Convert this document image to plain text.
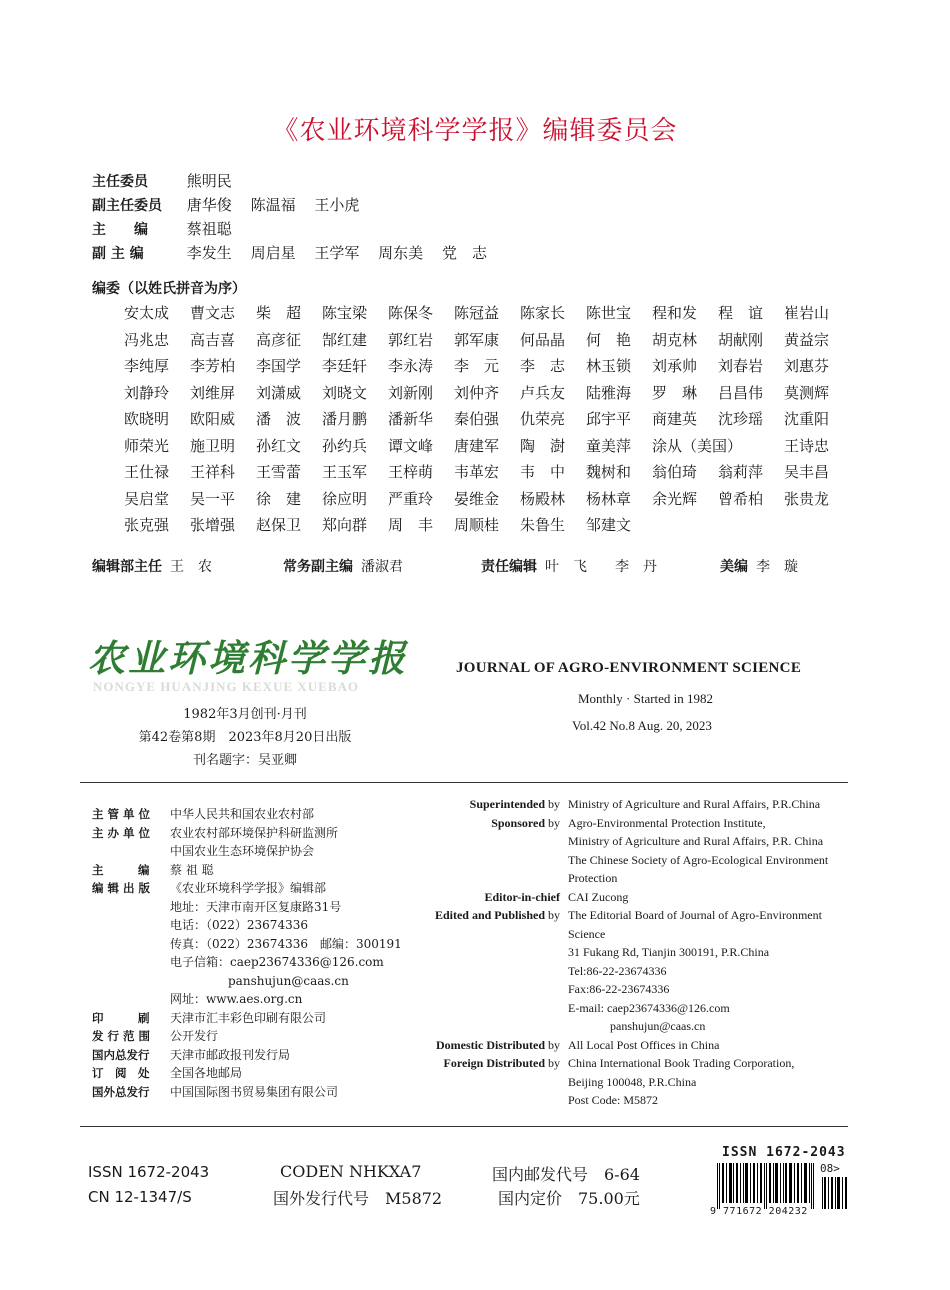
《农业环境科学学报》编辑委员会
主任委员	熊明民
副主任委员 唐华俊 陈温福 王小虎
主　　编	蔡祖聪
副 主 编	李发生 周启星 王学军 周东美 党　志
编委（以姓氏拼音为序）
安太成	曹文志	柴　超	陈宝梁	陈保冬	陈冠益	陈家长	陈世宝	程和发	程　谊	崔岩山
冯兆忠	高吉喜	高彦征	郜红建	郭红岩	郭军康	何品晶	何　艳	胡克林	胡献刚	黄益宗
李纯厚	李芳柏	李国学	李廷轩	李永涛	李　元	李　志	林玉锁	刘承帅	刘春岩	刘惠芬
刘静玲	刘维屏	刘潇威	刘晓文	刘新刚	刘仲齐	卢兵友	陆雅海	罗　琳	吕昌伟	莫测辉
欧晓明	欧阳威	潘　波	潘月鹏	潘新华	秦伯强	仇荣亮	邱宇平	商建英	沈珍瑶	沈重阳
师荣光	施卫明	孙红文	孙约兵	谭文峰	唐建军	陶　澍	童美萍	涂从（美国）	王诗忠
王仕禄	王祥科	王雪蕾	王玉军	王梓萌	韦革宏	韦　中	魏树和	翁伯琦	翁莉萍	吴丰昌
吴启堂	吴一平	徐　建	徐应明	严重玲	晏维金	杨殿林	杨林章	余光辉	曾希柏	张贵龙
张克强	张增强	赵保卫	郑向群	周　丰	周顺桂	朱鲁生	邹建文
编辑部主任 王　农	常务副主编 潘淑君	责任编辑 叶　飞　　李　丹	美编 李　璇
农业环境科学学报
NONGYE HUANJING KEXUE XUEBAO
1982年3月创刊·月刊
第42卷第8期　2023年8月20日出版
刊名题字：吴亚卿
JOURNAL OF AGRO-ENVIRONMENT SCIENCE
Monthly · Started in 1982
Vol.42 No.8 Aug. 20, 2023
主 管 单 位	中华人民共和国农业农村部
主 办 单 位	农业农村部环境保护科研监测所
中国农业生态环境保护协会
主　　　编	蔡 祖 聪
编 辑 出 版	《农业环境科学学报》编辑部
地址：天津市南开区复康路31号
电话：（022）23674336
传真：（022）23674336　邮编：300191
电子信箱：caep23674336@126.com
panshujun@caas.cn
网址：www.aes.org.cn
印　　　刷	天津市汇丰彩色印刷有限公司
发 行 范 围	公开发行
国内总发行	天津市邮政报刊发行局
订　阅　处	全国各地邮局
国外总发行	中国国际图书贸易集团有限公司
Superintended by Ministry of Agriculture and Rural Affairs, P.R.China
Sponsored by Agro-Environmental Protection Institute,
Ministry of Agriculture and Rural Affairs, P.R. China
The Chinese Society of Agro-Ecological Environment
Protection
Editor-in-chief CAI Zucong
Edited and Published by The Editorial Board of Journal of Agro-Environment
Science
31 Fukang Rd, Tianjin 300191, P.R.China
Tel:86-22-23674336
Fax:86-22-23674336
E-mail: caep23674336@126.com
panshujun@caas.cn
Domestic Distributed by All Local Post Offices in China
Foreign Distributed by China International Book Trading Corporation,
Beijing 100048, P.R.China
Post Code: M5872
ISSN 1672-2043
CN 12-1347/S
CODEN NHKXA7
国外发行代号　M5872
国内邮发代号　6-64
国内定价　75.00元
ISSN 1672-2043
08>
9 771672 204232
